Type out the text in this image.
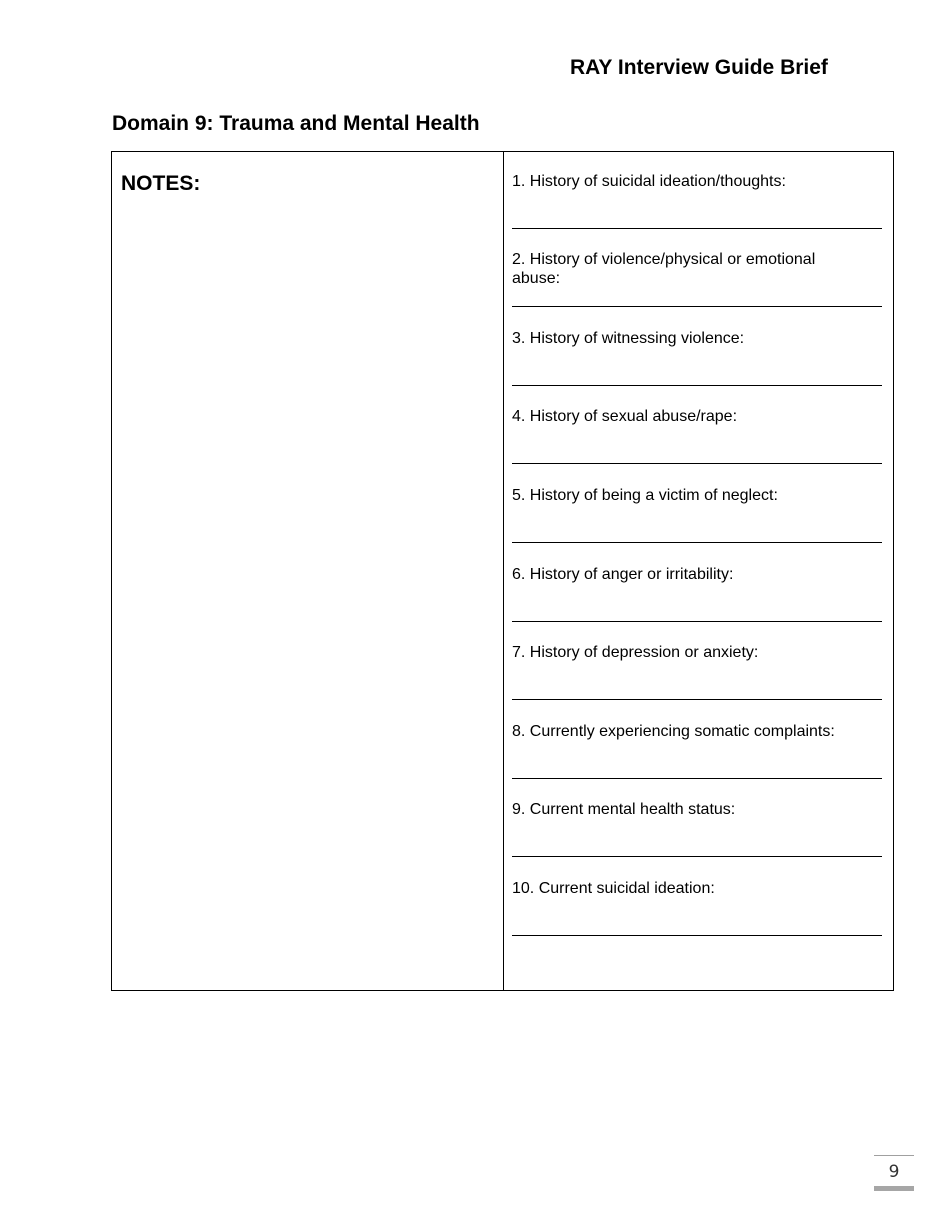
RAY Interview Guide Brief
Domain 9: Trauma and Mental Health
NOTES:	1. History of suicidal ideation/thoughts:
2. History of violence/physical or emotional abuse:
3. History of witnessing violence:
4. History of sexual abuse/rape:
5. History of being a victim of neglect:
6. History of anger or irritability:
7. History of depression or anxiety:
8. Currently experiencing somatic complaints:
9. Current mental health status:
10. Current suicidal ideation:
9
